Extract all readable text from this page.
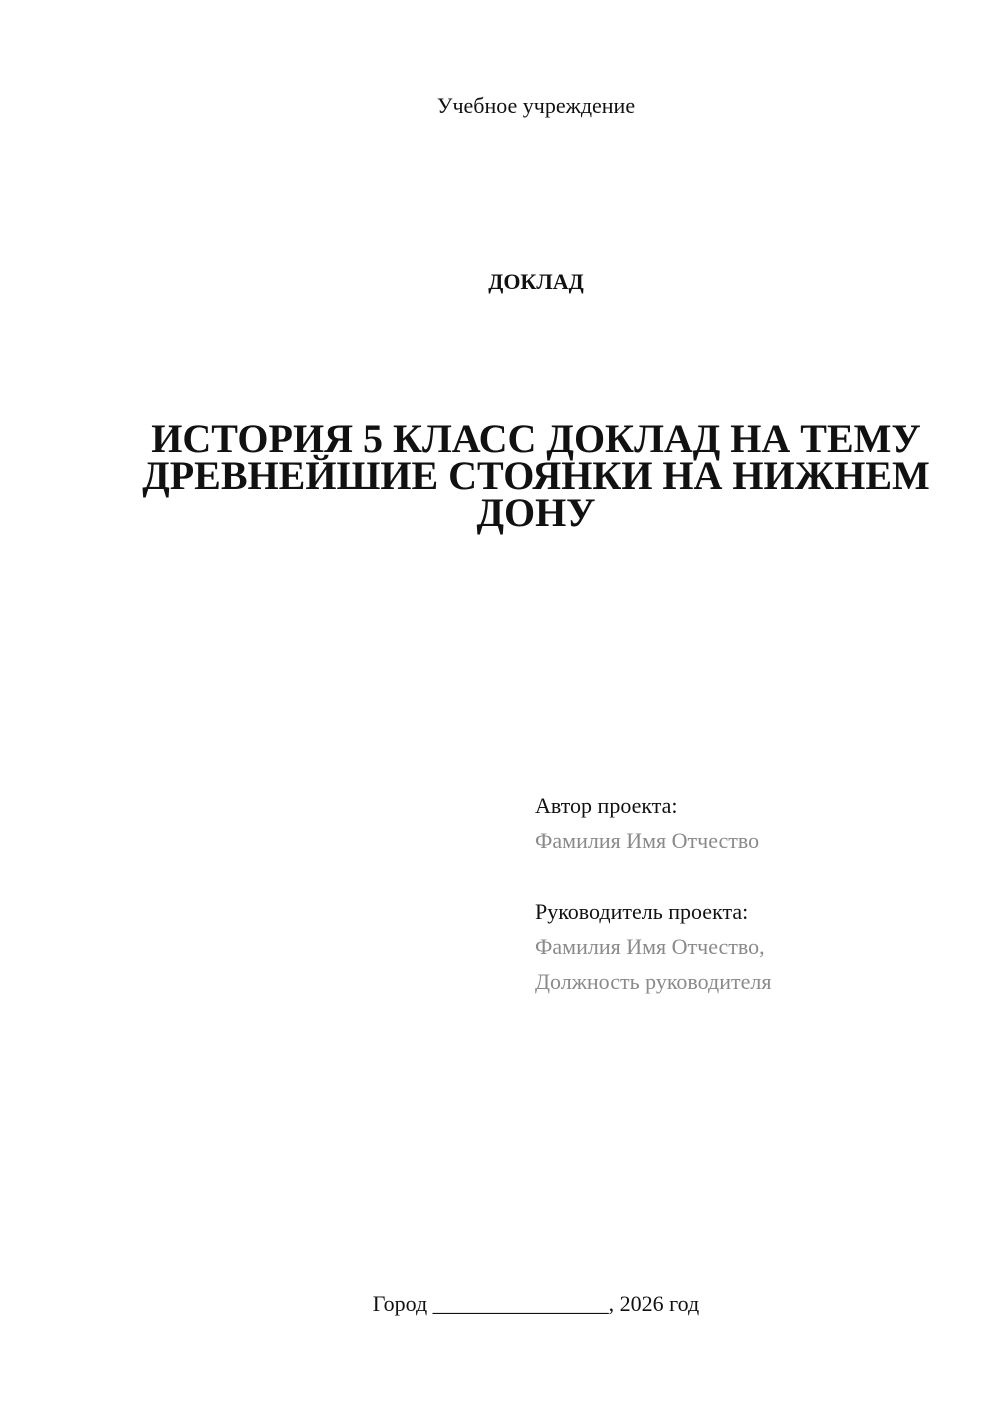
Учебное учреждение
ДОКЛАД
ИСТОРИЯ 5 КЛАСС ДОКЛАД НА ТЕМУ ДРЕВНЕЙШИЕ СТОЯНКИ НА НИЖНЕМ ДОНУ
Автор проекта:
Фамилия Имя Отчество
Руководитель проекта:
Фамилия Имя Отчество,
Должность руководителя
Город ________________, 2026 год
